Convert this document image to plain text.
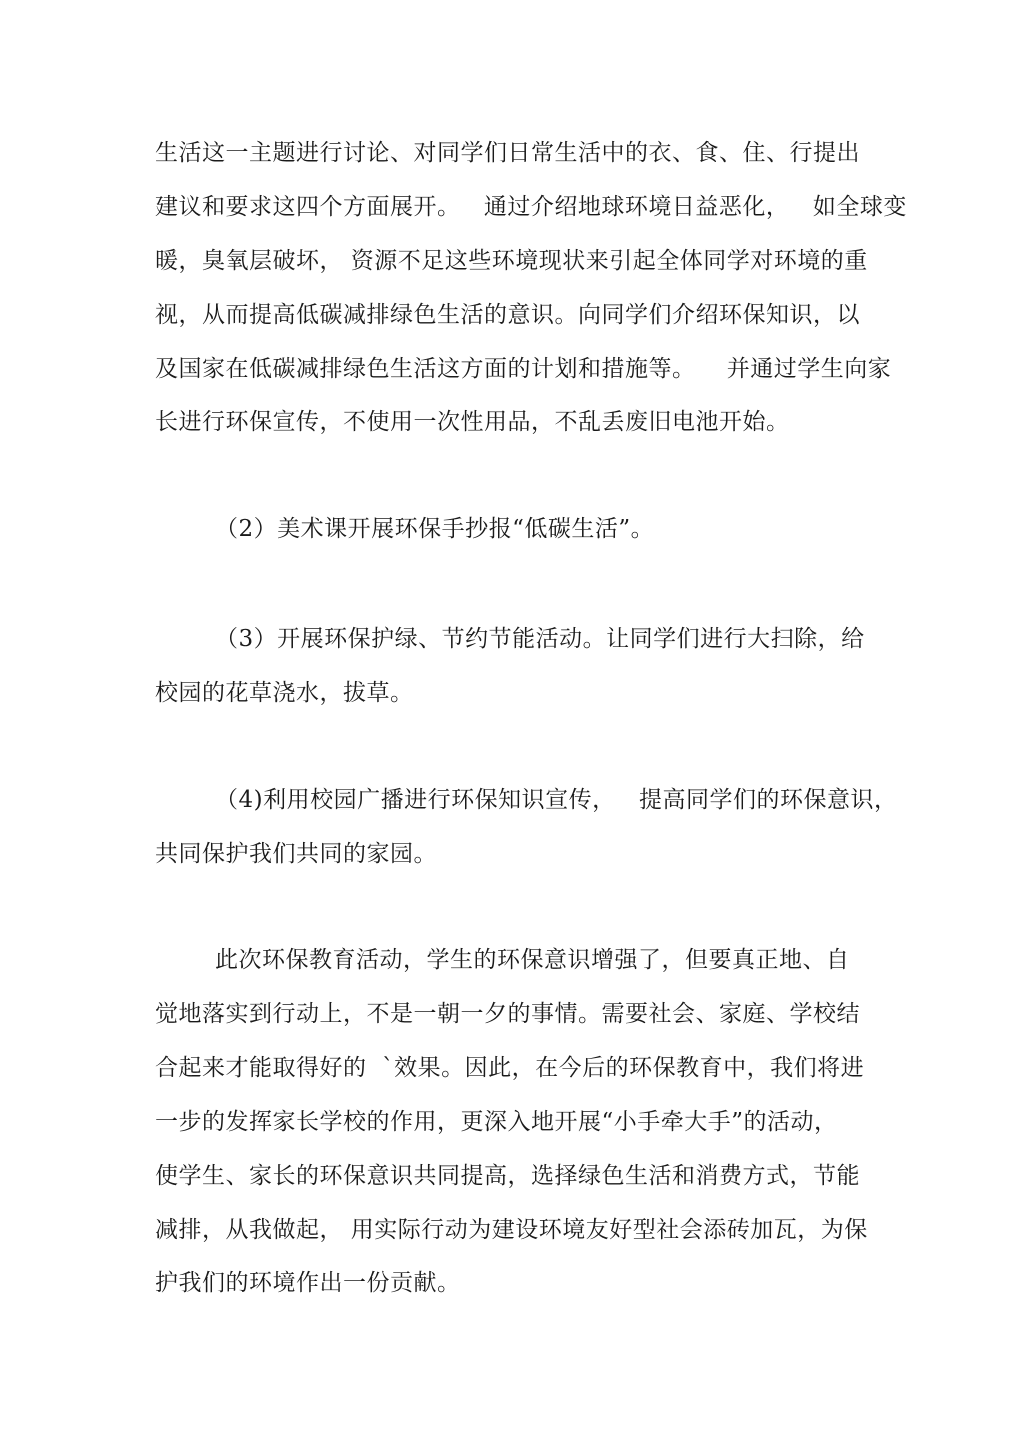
生活这一主题进行讨论、对同学们日常生活中的衣、食、住、行提出
建议和要求这四个方面展开。   通过介绍地球环境日益恶化，   如全球变
暖，臭氧层破坏， 资源不足这些环境现状来引起全体同学对环境的重
视，从而提高低碳减排绿色生活的意识。向同学们介绍环保知识，以
及国家在低碳减排绿色生活这方面的计划和措施等。    并通过学生向家
长进行环保宣传，不使用一次性用品，不乱丢废旧电池开始。
（2）美术课开展环保手抄报“低碳生活”。
（3）开展环保护绿、节约节能活动。让同学们进行大扫除，给
校园的花草浇水，拔草。
（4)利用校园广播进行环保知识宣传，   提高同学们的环保意识，
共同保护我们共同的家园。
此次环保教育活动，学生的环保意识增强了，但要真正地、自
觉地落实到行动上，不是一朝一夕的事情。需要社会、家庭、学校结
合起来才能取得好的  `效果。因此，在今后的环保教育中，我们将进
一步的发挥家长学校的作用，更深入地开展“小手牵大手”的活动，
使学生、家长的环保意识共同提高，选择绿色生活和消费方式，节能
减排，从我做起， 用实际行动为建设环境友好型社会添砖加瓦，为保
护我们的环境作出一份贡献。
